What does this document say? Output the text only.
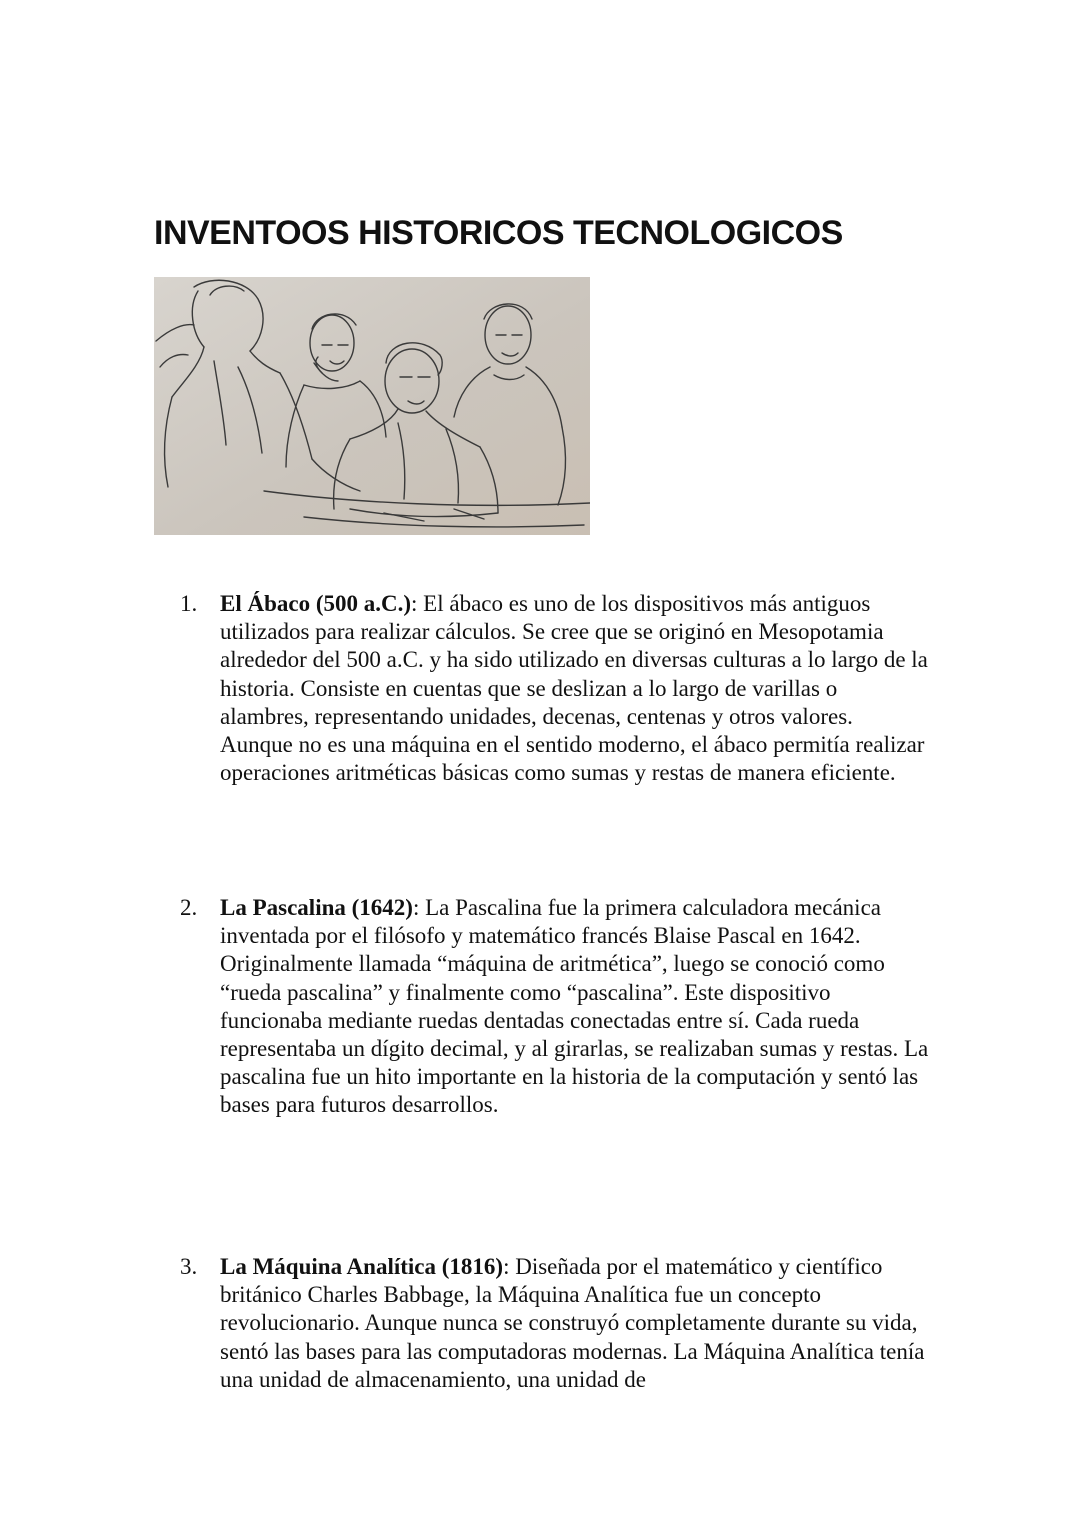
INVENTOOS HISTORICOS TECNOLOGICOS
1. El Ábaco (500 a.C.): El ábaco es uno de los dispositivos más antiguos utilizados para realizar cálculos. Se cree que se originó en Mesopotamia alrededor del 500 a.C. y ha sido utilizado en diversas culturas a lo largo de la historia. Consiste en cuentas que se deslizan a lo largo de varillas o alambres, representando unidades, decenas, centenas y otros valores. Aunque no es una máquina en el sentido moderno, el ábaco permitía realizar operaciones aritméticas básicas como sumas y restas de manera eficiente.
2. La Pascalina (1642): La Pascalina fue la primera calculadora mecánica inventada por el filósofo y matemático francés Blaise Pascal en 1642. Originalmente llamada “máquina de aritmética”, luego se conoció como “rueda pascalina” y finalmente como “pascalina”. Este dispositivo funcionaba mediante ruedas dentadas conectadas entre sí. Cada rueda representaba un dígito decimal, y al girarlas, se realizaban sumas y restas. La pascalina fue un hito importante en la historia de la computación y sentó las bases para futuros desarrollos.
3. La Máquina Analítica (1816): Diseñada por el matemático y científico británico Charles Babbage, la Máquina Analítica fue un concepto revolucionario. Aunque nunca se construyó completamente durante su vida, sentó las bases para las computadoras modernas. La Máquina Analítica tenía una unidad de almacenamiento, una unidad de
